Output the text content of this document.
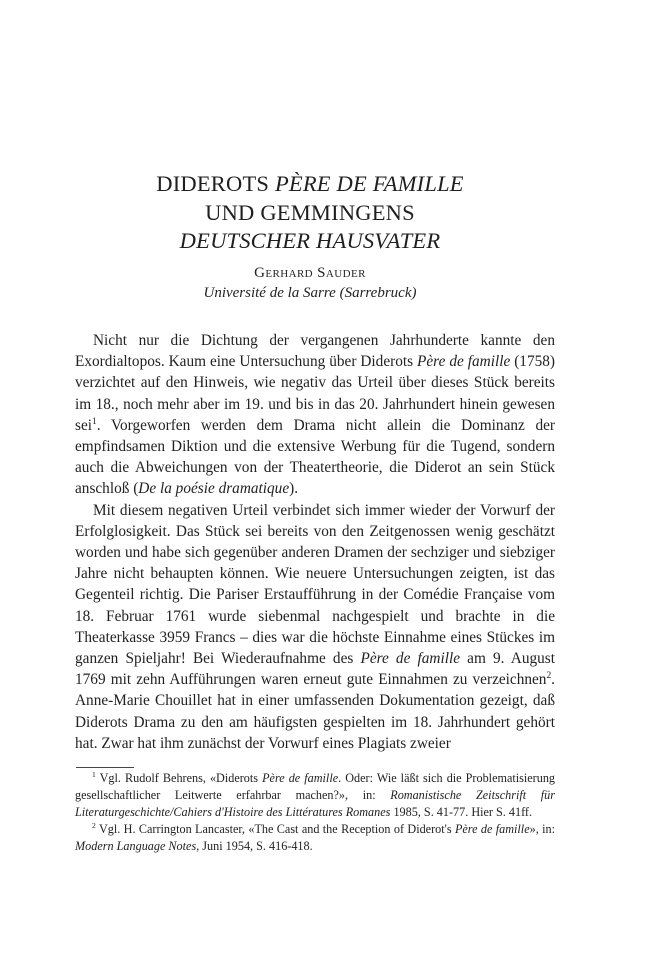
DIDEROTS PÈRE DE FAMILLE
UND GEMMINGENS
DEUTSCHER HAUSVATER
Gerhard Sauder
Université de la Sarre (Sarrebruck)

Nicht nur die Dichtung der vergangenen Jahrhunderte kannte den Exordialtopos. Kaum eine Untersuchung über Diderots Père de famille (1758) verzichtet auf den Hinweis, wie negativ das Urteil über dieses Stück bereits im 18., noch mehr aber im 19. und bis in das 20. Jahrhundert hinein gewesen sei$^1$. Vorgeworfen werden dem Drama nicht allein die Dominanz der empfindsamen Diktion und die extensive Werbung für die Tugend, sondern auch die Abweichungen von der Theatertheorie, die Diderot an sein Stück anschloß (De la poésie dramatique).

Mit diesem negativen Urteil verbindet sich immer wieder der Vorwurf der Erfolglosigkeit. Das Stück sei bereits von den Zeitgenossen wenig geschätzt worden und habe sich gegenüber anderen Dramen der sechziger und siebziger Jahre nicht behaupten können. Wie neuere Untersuchungen zeigten, ist das Gegenteil richtig. Die Pariser Erstaufführung in der Comédie Française vom 18. Februar 1761 wurde siebenmal nachgespielt und brachte in die Theaterkasse 3959 Francs – dies war die höchste Einnahme eines Stückes im ganzen Spieljahr! Bei Wiederaufnahme des Père de famille am 9. August 1769 mit zehn Aufführungen waren erneut gute Einnahmen zu verzeichnen$^2$. Anne-Marie Chouillet hat in einer umfassenden Dokumentation gezeigt, daß Diderots Drama zu den am häufigsten gespielten im 18. Jahrhundert gehört hat. Zwar hat ihm zunächst der Vorwurf eines Plagiats zweier

$^1$ Vgl. Rudolf Behrens, «Diderots Père de famille. Oder: Wie läßt sich die Problematisierung gesellschaftlicher Leitwerte erfahrbar machen?», in: Romanistische Zeitschrift für Literaturgeschichte/Cahiers d'Histoire des Littératures Romanes 1985, S. 41-77. Hier S. 41ff.

$^2$ Vgl. H. Carrington Lancaster, «The Cast and the Reception of Diderot's Père de famille», in: Modern Language Notes, Juni 1954, S. 416-418.
